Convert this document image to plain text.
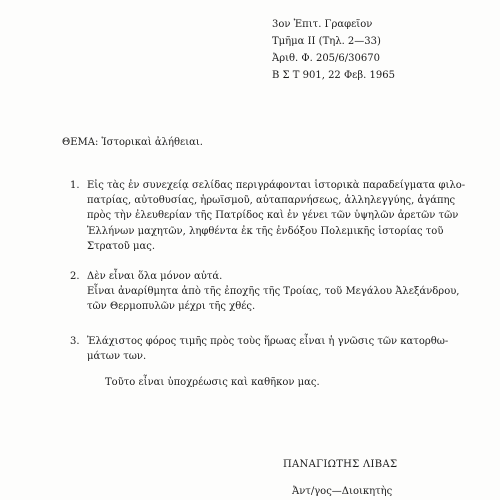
3ον Ἐπιτ. Γραφεῖον
Τμῆμα ΙΙ (Τηλ. 2—33)
Ἀριθ. Φ. 205/6/30670
Β Σ Τ 901, 22 Φεβ. 1965
ΘΕΜΑ: Ἱστορικαὶ ἀλήθειαι.
1. Εἰς τὰς ἐν συνεχείᾳ σελίδας περιγράφονται ἱστορικὰ παραδείγματα φιλο-
πατρίας, αὐτοθυσίας, ἡρωϊσμοῦ, αὐταπαρνήσεως, ἀλληλεγγύης, ἀγάπης
πρὸς τὴν ἐλευθερίαν τῆς Πατρίδος καὶ ἐν γένει τῶν ὑψηλῶν ἀρετῶν τῶν
Ἑλλήνων μαχητῶν, ληφθέντα ἐκ τῆς ἐνδόξου Πολεμικῆς ἱστορίας τοῦ
Στρατοῦ μας.
2. Δὲν εἶναι ὅλα μόνον αὐτά.
Εἶναι ἀναρίθμητα ἀπὸ τῆς ἐποχῆς τῆς Τροίας, τοῦ Μεγάλου Ἀλεξάνδρου,
τῶν Θερμοπυλῶν μέχρι τῆς χθές.
3. Ἐλάχιστος φόρος τιμῆς πρὸς τοὺς ἥρωας εἶναι ἡ γνῶσις τῶν κατορθω-
μάτων των.
Τοῦτο εἶναι ὑποχρέωσις καὶ καθῆκον μας.
ΠΑΝΑΓΙΩΤΗΣ ΛΙΒΑΣ
Ἀντ/γος—Διοικητὴς
